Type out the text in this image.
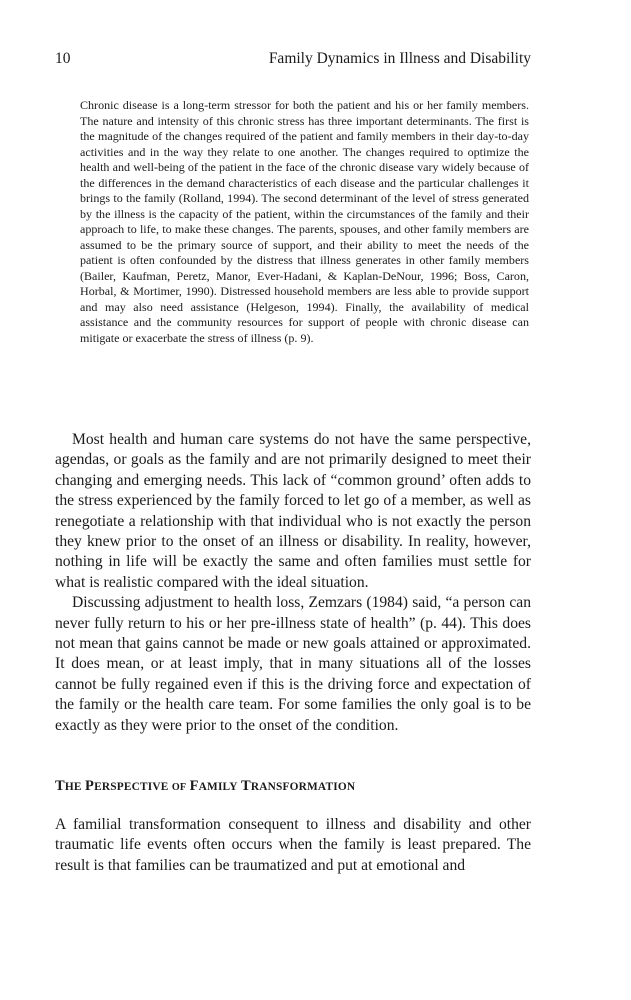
10	Family Dynamics in Illness and Disability

Chronic disease is a long-term stressor for both the patient and his or her family members. The nature and intensity of this chronic stress has three important determinants. The first is the magnitude of the changes required of the patient and family members in their day-to-day activities and in the way they relate to one another. The changes required to optimize the health and well-being of the patient in the face of the chronic disease vary widely because of the differences in the demand characteristics of each disease and the particular challenges it brings to the family (Rolland, 1994). The second determinant of the level of stress generated by the illness is the capacity of the patient, within the circumstances of the family and their approach to life, to make these changes. The parents, spouses, and other family members are assumed to be the primary source of support, and their ability to meet the needs of the patient is often confounded by the distress that illness generates in other family members (Bailer, Kaufman, Peretz, Manor, Ever-Hadani, & Kaplan-DeNour, 1996; Boss, Caron, Horbal, & Mortimer, 1990). Distressed household members are less able to provide support and may also need assistance (Helgeson, 1994). Finally, the availability of medical assistance and the community resources for support of people with chronic disease can mitigate or exacerbate the stress of illness (p. 9).

Most health and human care systems do not have the same perspective, agendas, or goals as the family and are not primarily designed to meet their changing and emerging needs. This lack of “common ground’ often adds to the stress experienced by the family forced to let go of a member, as well as renegotiate a relationship with that individual who is not exactly the person they knew prior to the onset of an illness or disability. In reality, however, nothing in life will be exactly the same and often families must settle for what is realistic compared with the ideal situation.

Discussing adjustment to health loss, Zemzars (1984) said, “a person can never fully return to his or her pre-illness state of health” (p. 44). This does not mean that gains cannot be made or new goals attained or approximated. It does mean, or at least imply, that in many situations all of the losses cannot be fully regained even if this is the driving force and expectation of the family or the health care team. For some families the only goal is to be exactly as they were prior to the onset of the condition.

THE PERSPECTIVE OF FAMILY TRANSFORMATION

A familial transformation consequent to illness and disability and other traumatic life events often occurs when the family is least prepared. The result is that families can be traumatized and put at emotional and
